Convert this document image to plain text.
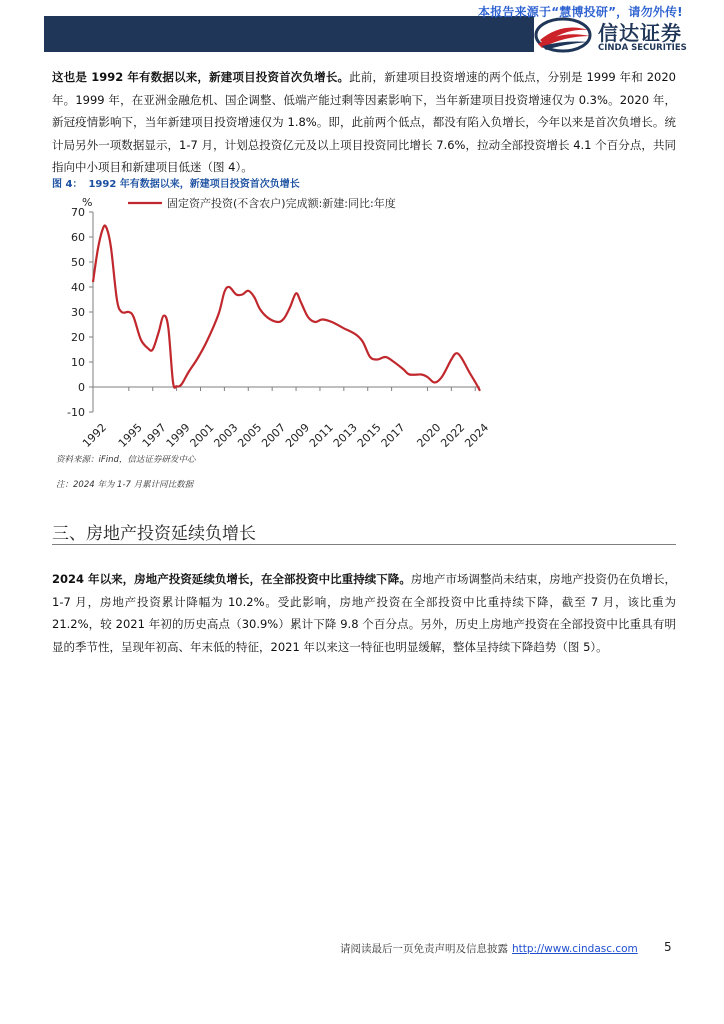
本报告来源于“慧博投研”，请勿外传!
信达证券
CINDA SECURITIES

这也是 1992 年有数据以来，新建项目投资首次负增长。此前，新建项目投资增速的两个低点，分别是 1999 年和 2020 年。1999 年，在亚洲金融危机、国企调整、低端产能过剩等因素影响下，当年新建项目投资增速仅为 0.3%。2020 年，新冠疫情影响下，当年新建项目投资增速仅为 1.8%。即，此前两个低点，都没有陷入负增长，今年以来是首次负增长。统计局另外一项数据显示，1-7 月，计划总投资亿元及以上项目投资同比增长 7.6%，拉动全部投资增长 4.1 个百分点，共同指向中小项目和新建项目低迷（图 4）。

图 4： 1992 年有数据以来，新建项目投资首次负增长
-10
0
10
20
30
40
50
60
70
%
1992 1995
1997
1999
2001
2003
2005
2007
2009
2011
2013
2015
2017 2020
2022
2024
固定资产投资(不含农户)完成额:新建:同比:年度
资料来源：iFind，信达证券研发中心
注：2024 年为 1-7 月累计同比数据
三、房地产投资延续负增长

2024 年以来，房地产投资延续负增长，在全部投资中比重持续下降。房地产市场调整尚未结束，房地产投资仍在负增长，1-7 月，房地产投资累计降幅为 10.2%。受此影响，房地产投资在全部投资中比重持续下降，截至 7 月，该比重为 21.2%，较 2021 年初的历史高点（30.9%）累计下降 9.8 个百分点。另外，历史上房地产投资在全部投资中比重具有明显的季节性，呈现年初高、年末低的特征，2021 年以来这一特征也明显缓解，整体呈持续下降趋势（图 5）。

请阅读最后一页免责声明及信息披露 http://www.cindasc.com 5
